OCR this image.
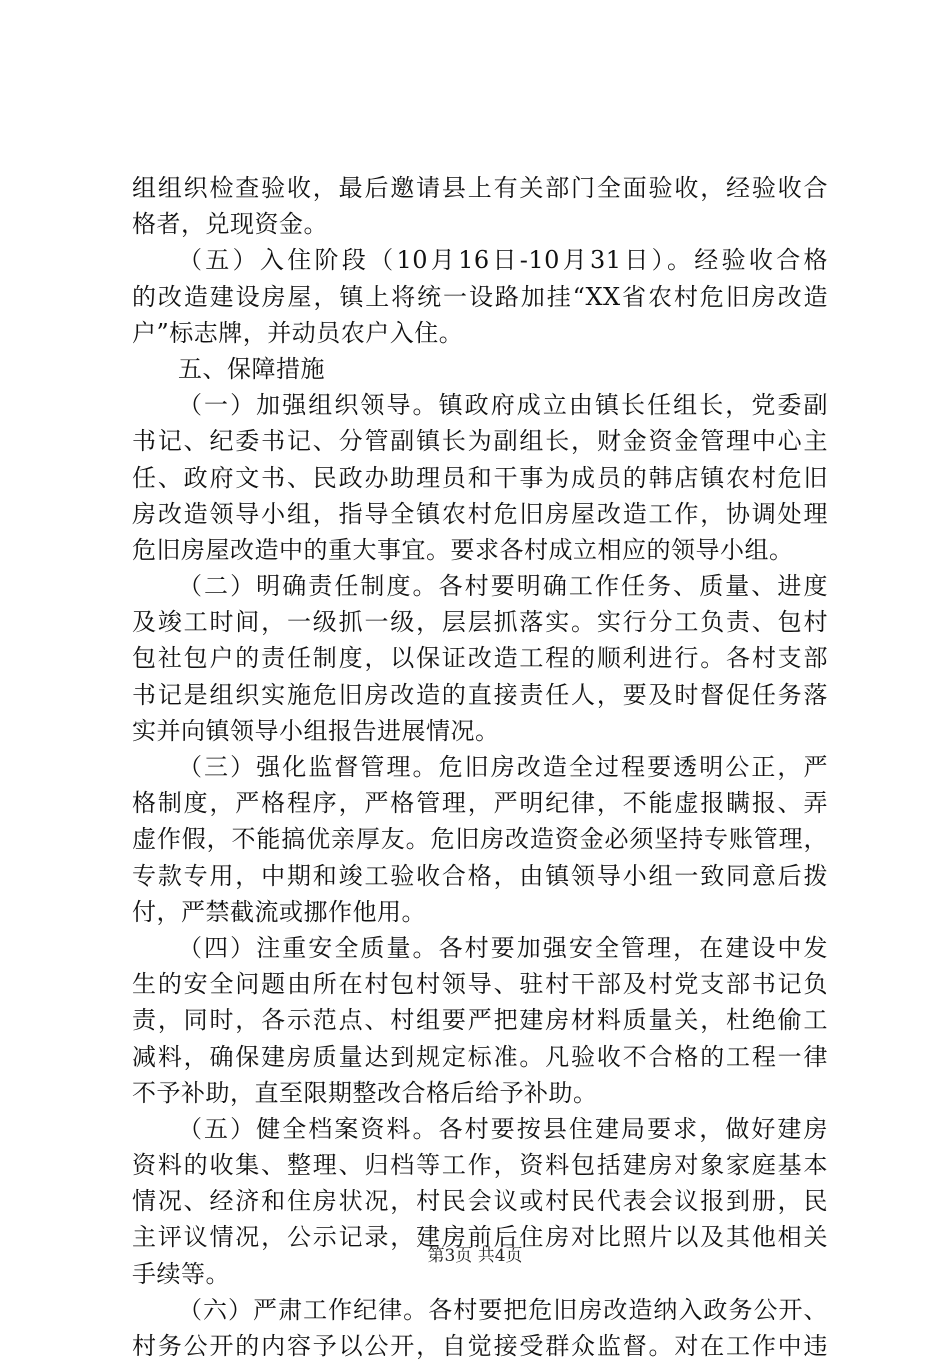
组组织检查验收，最后邀请县上有关部门全面验收，经验收合
格者，兑现资金。
（五）入住阶段（10月16日-10月31日）。经验收合格
的改造建设房屋，镇上将统一设路加挂“XX省农村危旧房改造
户”标志牌，并动员农户入住。
五、保障措施
（一）加强组织领导。镇政府成立由镇长任组长，党委副
书记、纪委书记、分管副镇长为副组长，财金资金管理中心主
任、政府文书、民政办助理员和干事为成员的韩店镇农村危旧
房改造领导小组，指导全镇农村危旧房屋改造工作，协调处理
危旧房屋改造中的重大事宜。要求各村成立相应的领导小组。
（二）明确责任制度。各村要明确工作任务、质量、进度
及竣工时间，一级抓一级，层层抓落实。实行分工负责、包村
包社包户的责任制度，以保证改造工程的顺利进行。各村支部
书记是组织实施危旧房改造的直接责任人，要及时督促任务落
实并向镇领导小组报告进展情况。
（三）强化监督管理。危旧房改造全过程要透明公正，严
格制度，严格程序，严格管理，严明纪律，不能虚报瞒报、弄
虚作假，不能搞优亲厚友。危旧房改造资金必须坚持专账管理，
专款专用，中期和竣工验收合格，由镇领导小组一致同意后拨
付，严禁截流或挪作他用。
（四）注重安全质量。各村要加强安全管理，在建设中发
生的安全问题由所在村包村领导、驻村干部及村党支部书记负
责，同时，各示范点、村组要严把建房材料质量关，杜绝偷工
减料，确保建房质量达到规定标准。凡验收不合格的工程一律
不予补助，直至限期整改合格后给予补助。
（五）健全档案资料。各村要按县住建局要求，做好建房
资料的收集、整理、归档等工作，资料包括建房对象家庭基本
情况、经济和住房状况，村民会议或村民代表会议报到册，民
主评议情况，公示记录，建房前后住房对比照片以及其他相关
手续等。
（六）严肃工作纪律。各村要把危旧房改造纳入政务公开、
村务公开的内容予以公开，自觉接受群众监督。对在工作中违
第3页 共4页
